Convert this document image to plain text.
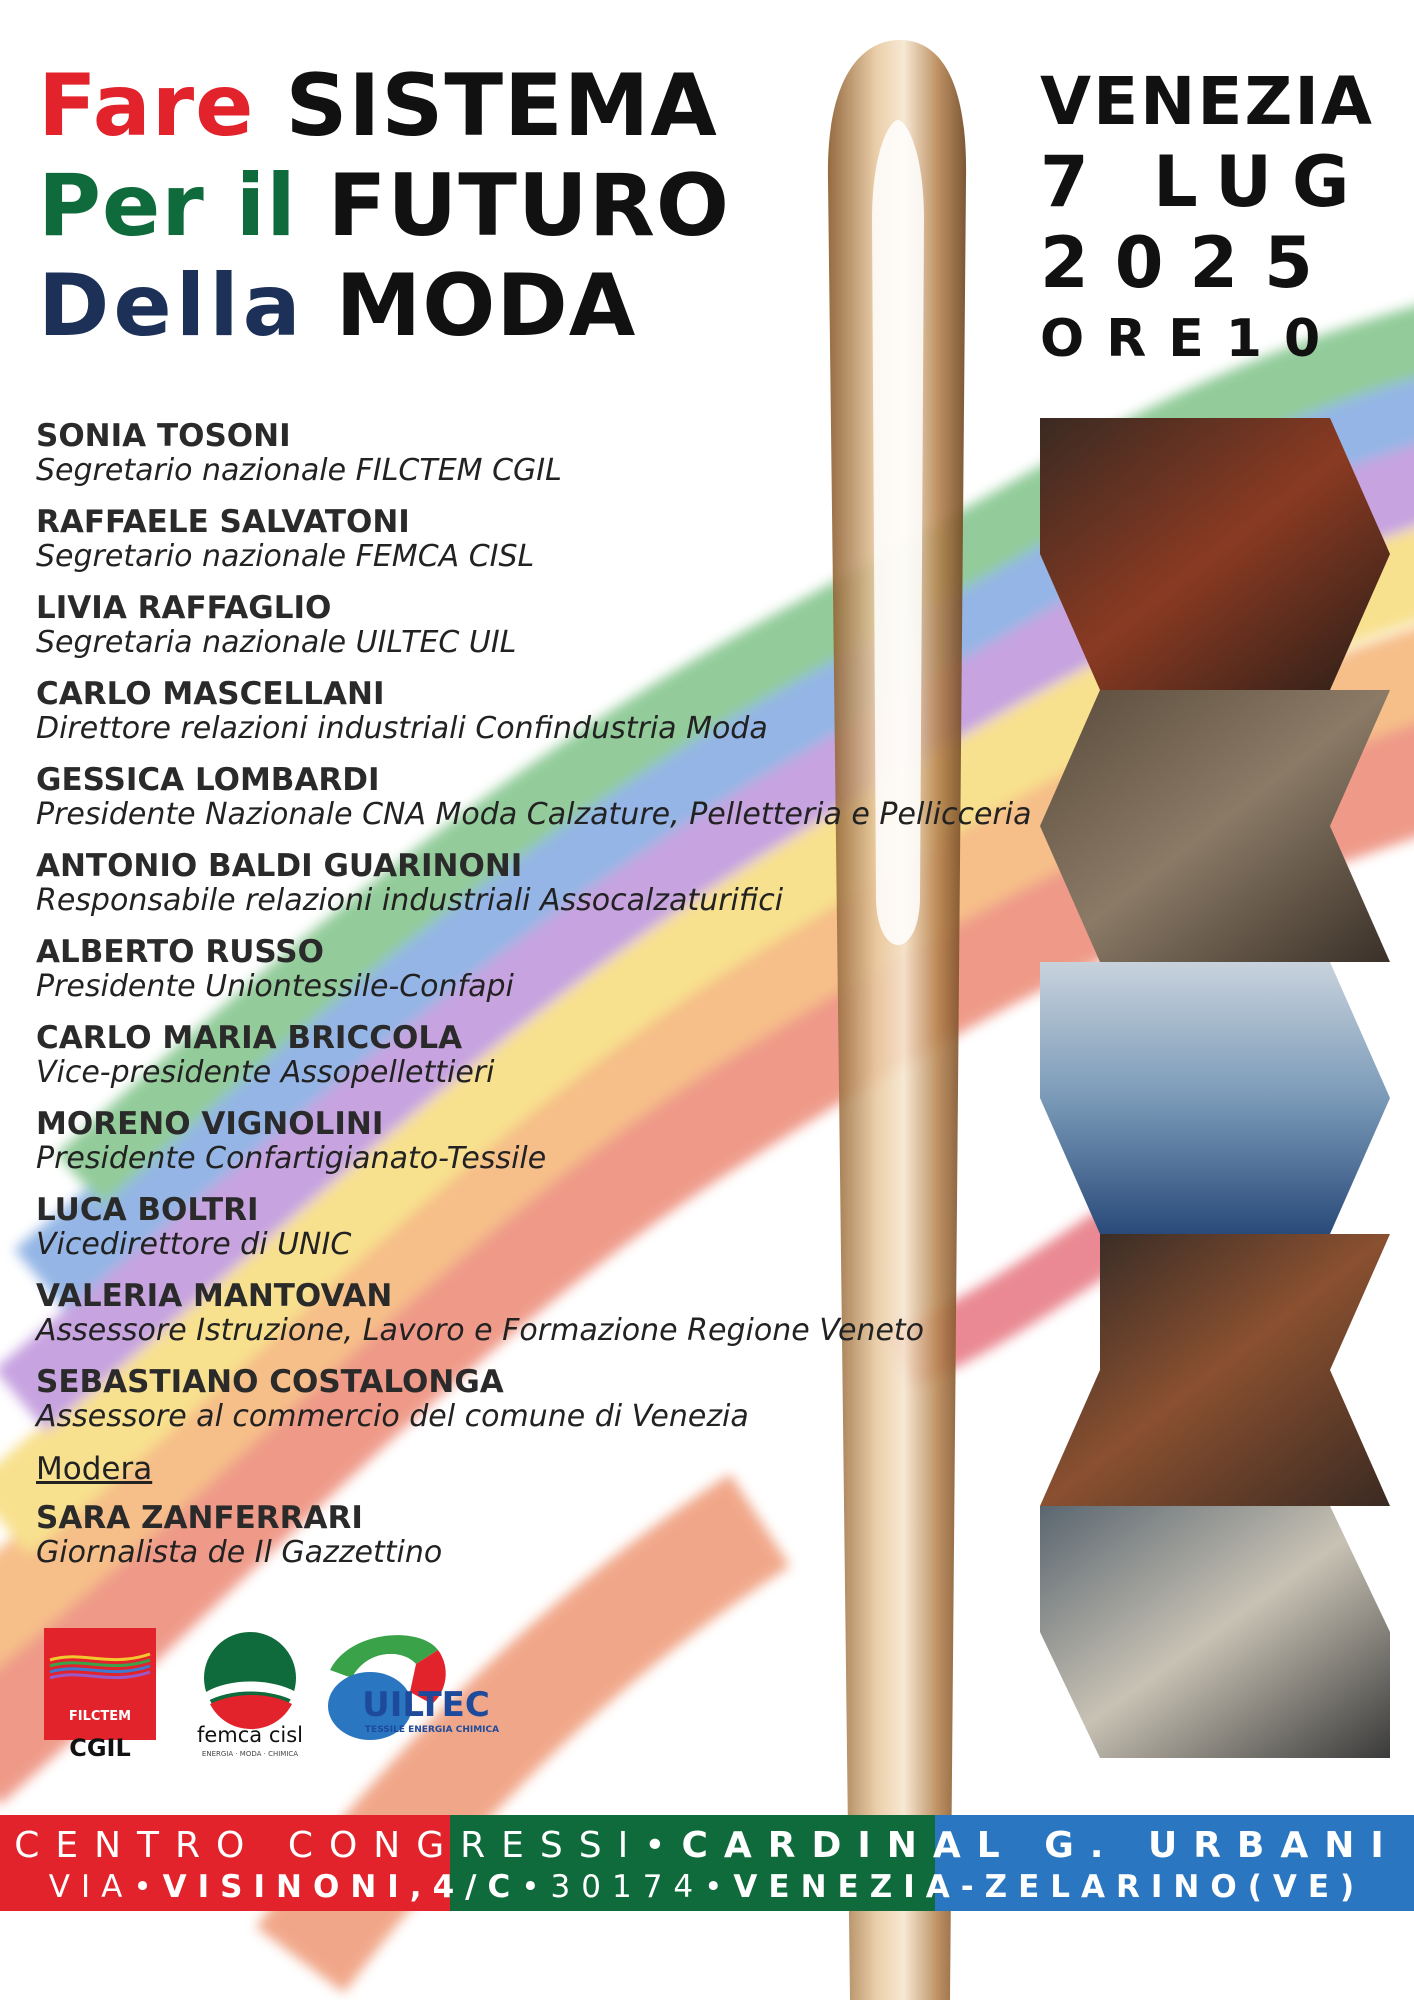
Fare SISTEMA
Per il FUTURO
Della MODA
VENEZIA
7 LUG
2025
ORE10
SONIA TOSONI
Segretario nazionale FILCTEM CGIL
RAFFAELE SALVATONI
Segretario nazionale FEMCA CISL
LIVIA RAFFAGLIO
Segretaria nazionale UILTEC UIL
CARLO MASCELLANI
Direttore relazioni industriali Confindustria Moda
GESSICA LOMBARDI
Presidente Nazionale CNA Moda Calzature, Pelletteria e Pellicceria
ANTONIO BALDI GUARINONI
Responsabile relazioni industriali Assocalzaturifici
ALBERTO RUSSO
Presidente Uniontessile-Confapi
CARLO MARIA BRICCOLA
Vice-presidente Assopellettieri
MORENO VIGNOLINI
Presidente Confartigianato-Tessile
LUCA BOLTRI
Vicedirettore di UNIC
VALERIA MANTOVAN
Assessore Istruzione, Lavoro e Formazione Regione Veneto
SEBASTIANO COSTALONGA
Assessore al commercio del comune di Venezia
Modera
SARA ZANFERRARI
Giornalista de Il Gazzettino
FILCTEM
CGIL	femca cisl
ENERGIA · MODA · CHIMICA
UILTEC
TESSILE ENERGIA CHIMICA
CENTRO CONGRESSI•CARDINAL G. URBANI
VIA•VISINONI,4/C•30174•VENEZIA-ZELARINO(VE)
